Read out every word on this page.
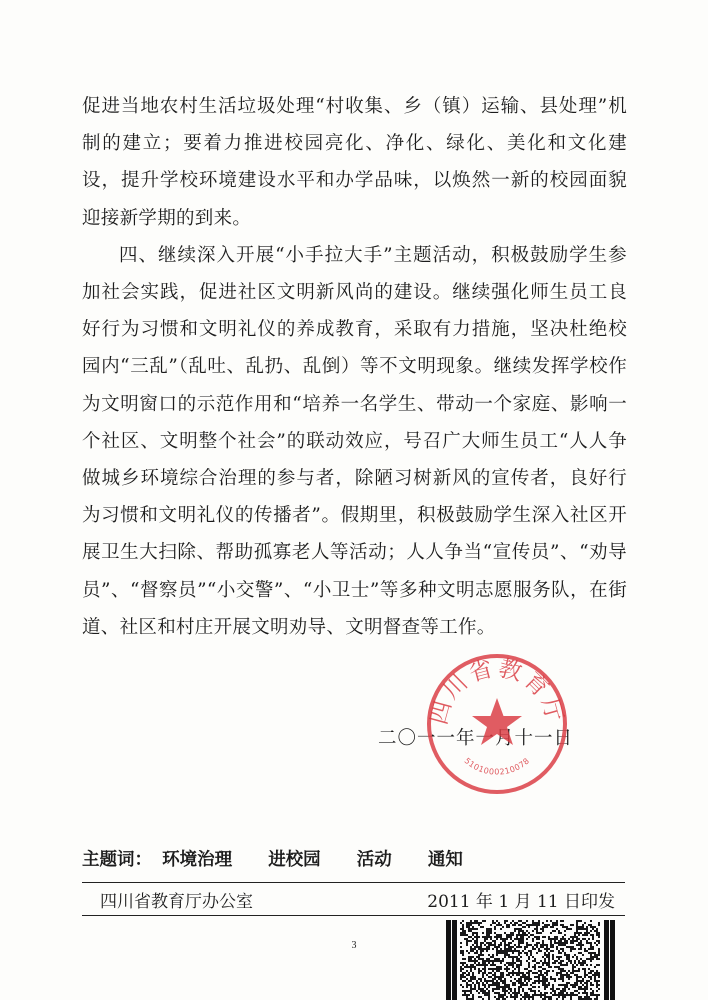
促进当地农村生活垃圾处理“村收集、乡（镇）运输、县处理”机制的建立；要着力推进校园亮化、净化、绿化、美化和文化建设，提升学校环境建设水平和办学品味，以焕然一新的校园面貌迎接新学期的到来。

四、继续深入开展“小手拉大手”主题活动，积极鼓励学生参加社会实践，促进社区文明新风尚的建设。继续强化师生员工良好行为习惯和文明礼仪的养成教育，采取有力措施，坚决杜绝校园内“三乱”（乱吐、乱扔、乱倒）等不文明现象。继续发挥学校作为文明窗口的示范作用和“培养一名学生、带动一个家庭、影响一个社区、文明整个社会”的联动效应，号召广大师生员工“人人争做城乡环境综合治理的参与者，除陋习树新风的宣传者，良好行为习惯和文明礼仪的传播者”。假期里，积极鼓励学生深入社区开展卫生大扫除、帮助孤寡老人等活动；人人争当“宣传员”、“劝导员”、“督察员”“小交警”、“小卫士”等多种文明志愿服务队，在街道、社区和村庄开展文明劝导、文明督查等工作。

二〇一一年一月十一日
四川省教育厅
5101000210078
主题词： 环境治理 进校园 活动 通知
四川省教育厅办公室	2011 年 1 月 11 日印发
3
